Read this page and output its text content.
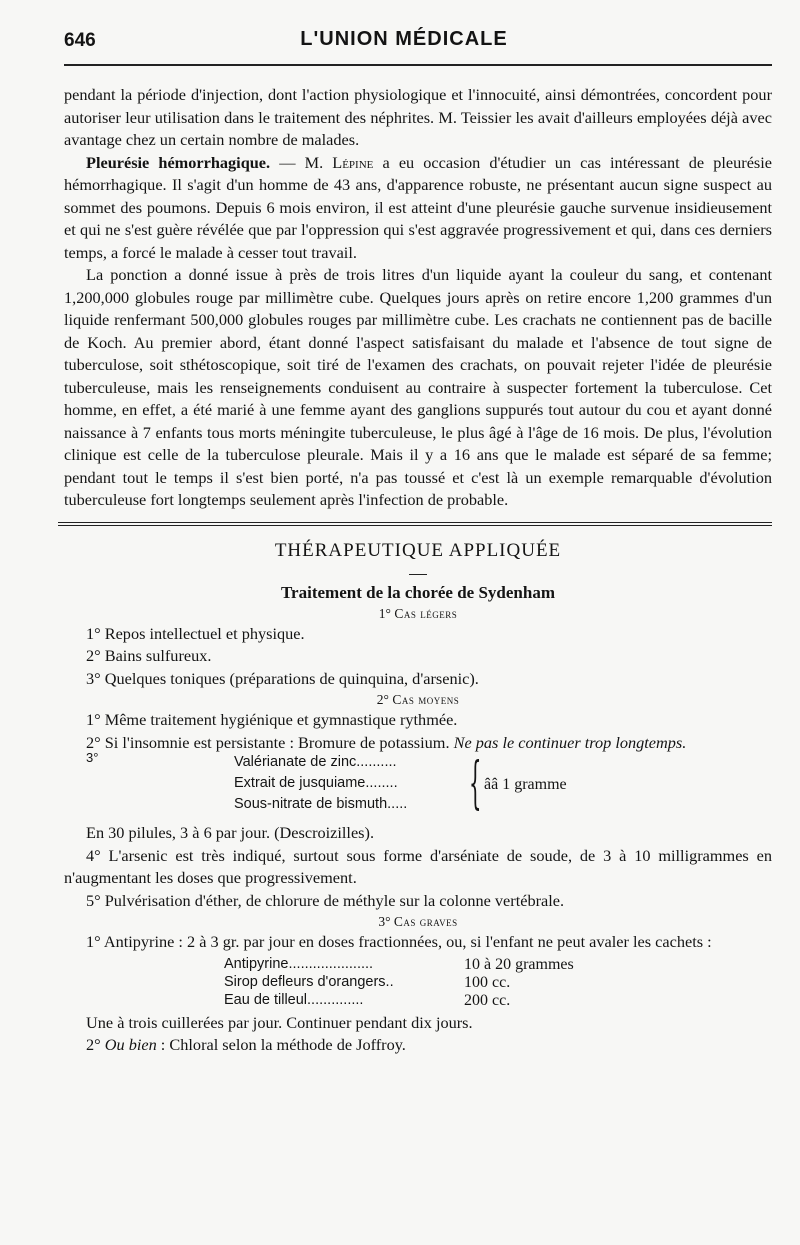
646	L'UNION MÉDICALE

pendant la période d'injection, dont l'action physiologique et l'innocuité, ainsi démontrées, concordent pour autoriser leur utilisation dans le traitement des néphrites. M. Teissier les avait d'ailleurs employées déjà avec avantage chez un certain nombre de malades.

Pleurésie hémorrhagique. — M. Lépine a eu occasion d'étudier un cas intéressant de pleurésie hémorrhagique. Il s'agit d'un homme de 43 ans, d'apparence robuste, ne présentant aucun signe suspect au sommet des poumons. Depuis 6 mois environ, il est atteint d'une pleurésie gauche survenue insidieusement et qui ne s'est guère révélée que par l'oppression qui s'est aggravée progressivement et qui, dans ces derniers temps, a forcé le malade à cesser tout travail.

La ponction a donné issue à près de trois litres d'un liquide ayant la couleur du sang, et contenant 1,200,000 globules rouge par millimètre cube. Quelques jours après on retire encore 1,200 grammes d'un liquide renfermant 500,000 globules rouges par millimètre cube. Les crachats ne contiennent pas de bacille de Koch. Au premier abord, étant donné l'aspect satisfaisant du malade et l'absence de tout signe de tuberculose, soit sthétoscopique, soit tiré de l'examen des crachats, on pouvait rejeter l'idée de pleurésie tuberculeuse, mais les renseignements conduisent au contraire à suspecter fortement la tuberculose. Cet homme, en effet, a été marié à une femme ayant des ganglions suppurés tout autour du cou et ayant donné naissance à 7 enfants tous morts méningite tuberculeuse, le plus âgé à l'âge de 16 mois. De plus, l'évolution clinique est celle de la tuberculose pleurale. Mais il y a 16 ans que le malade est séparé de sa femme; pendant tout le temps il s'est bien porté, n'a pas toussé et c'est là un exemple remarquable d'évolution tuberculeuse fort longtemps seulement après l'infection de probable.

THÉRAPEUTIQUE APPLIQUÉE
Traitement de la chorée de Sydenham
1° Cas légers
1° Repos intellectuel et physique.
2° Bains sulfureux.
3° Quelques toniques (préparations de quinquina, d'arsenic).
2° Cas moyens
1° Même traitement hygiénique et gymnastique rythmée.

2° Si l'insomnie est persistante : Bromure de potassium. Ne pas le continuer trop longtemps.

3°	Valérianate de zinc..........
Extrait de jusquiame........
Sous-nitrate de bismuth..... { ââ 1 gramme
En 30 pilules, 3 à 6 par jour. (Descroizilles).

4° L'arsenic est très indiqué, surtout sous forme d'arséniate de soude, de 3 à 10 milligrammes en n'augmentant les doses que progressivement.

5° Pulvérisation d'éther, de chlorure de méthyle sur la colonne vertébrale.
3° Cas graves

1° Antipyrine : 2 à 3 gr. par jour en doses fractionnées, ou, si l'enfant ne peut avaler les cachets :

Antipyrine.....................	10 à 20 grammes
Sirop defleurs d'orangers..	100 cc.
Eau de tilleul..............	200 cc.
Une à trois cuillerées par jour. Continuer pendant dix jours.
2° Ou bien : Chloral selon la méthode de Joffroy.
